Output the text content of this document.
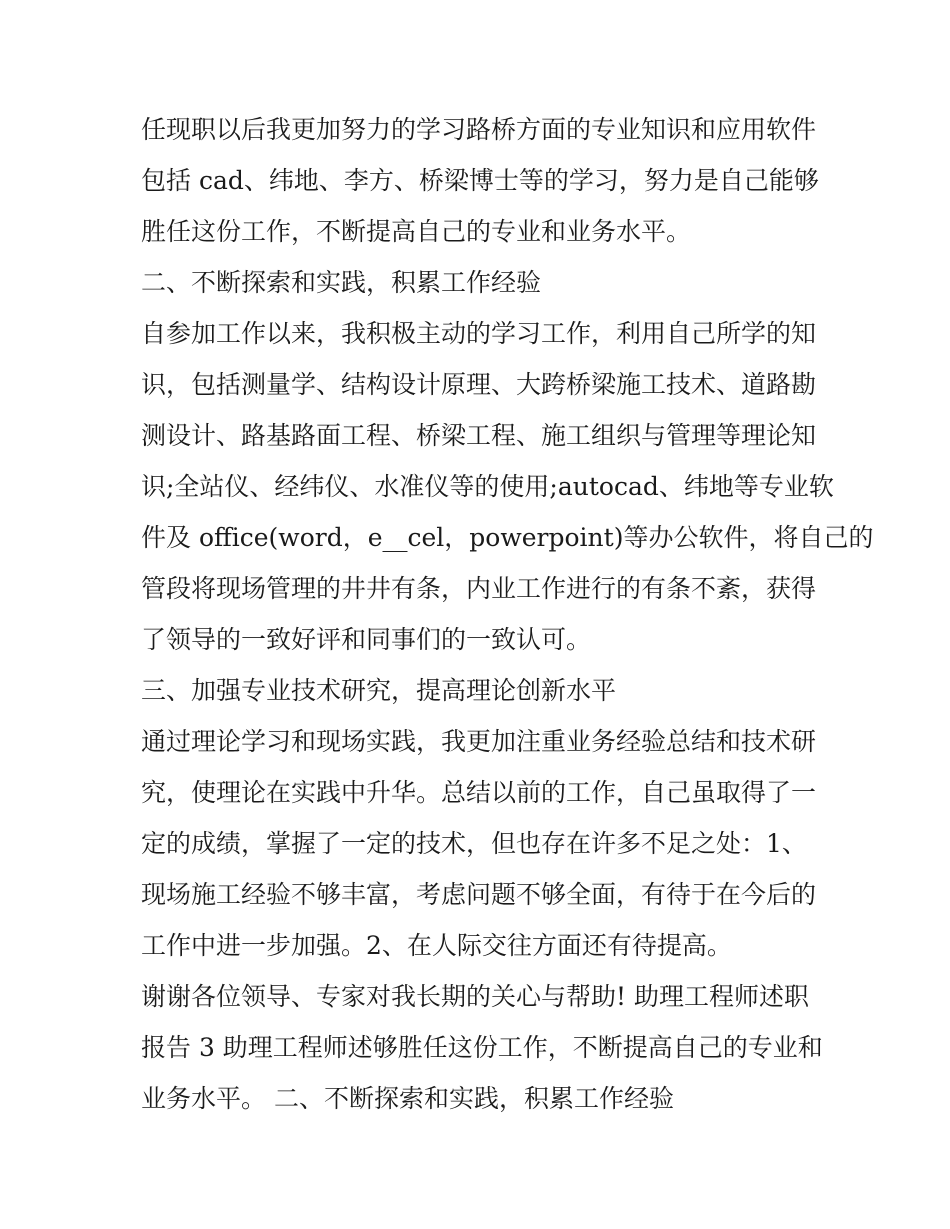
任现职以后我更加努力的学习路桥方面的专业知识和应用软件
包括 cad、纬地、李方、桥梁博士等的学习，努力是自己能够
胜任这份工作，不断提高自己的专业和业务水平。
二、不断探索和实践，积累工作经验
自参加工作以来，我积极主动的学习工作，利用自己所学的知
识，包括测量学、结构设计原理、大跨桥梁施工技术、道路勘
测设计、路基路面工程、桥梁工程、施工组织与管理等理论知
识;全站仪、经纬仪、水准仪等的使用;autocad、纬地等专业软
件及 office(word，e__cel，powerpoint)等办公软件，将自己的
管段将现场管理的井井有条，内业工作进行的有条不紊，获得
了领导的一致好评和同事们的一致认可。
三、加强专业技术研究，提高理论创新水平
通过理论学习和现场实践，我更加注重业务经验总结和技术研
究，使理论在实践中升华。总结以前的工作，自己虽取得了一
定的成绩，掌握了一定的技术，但也存在许多不足之处：1、
现场施工经验不够丰富，考虑问题不够全面，有待于在今后的
工作中进一步加强。2、在人际交往方面还有待提高。
谢谢各位领导、专家对我长期的关心与帮助! 助理工程师述职
报告 3 助理工程师述够胜任这份工作，不断提高自己的专业和
业务水平。 二、不断探索和实践，积累工作经验
